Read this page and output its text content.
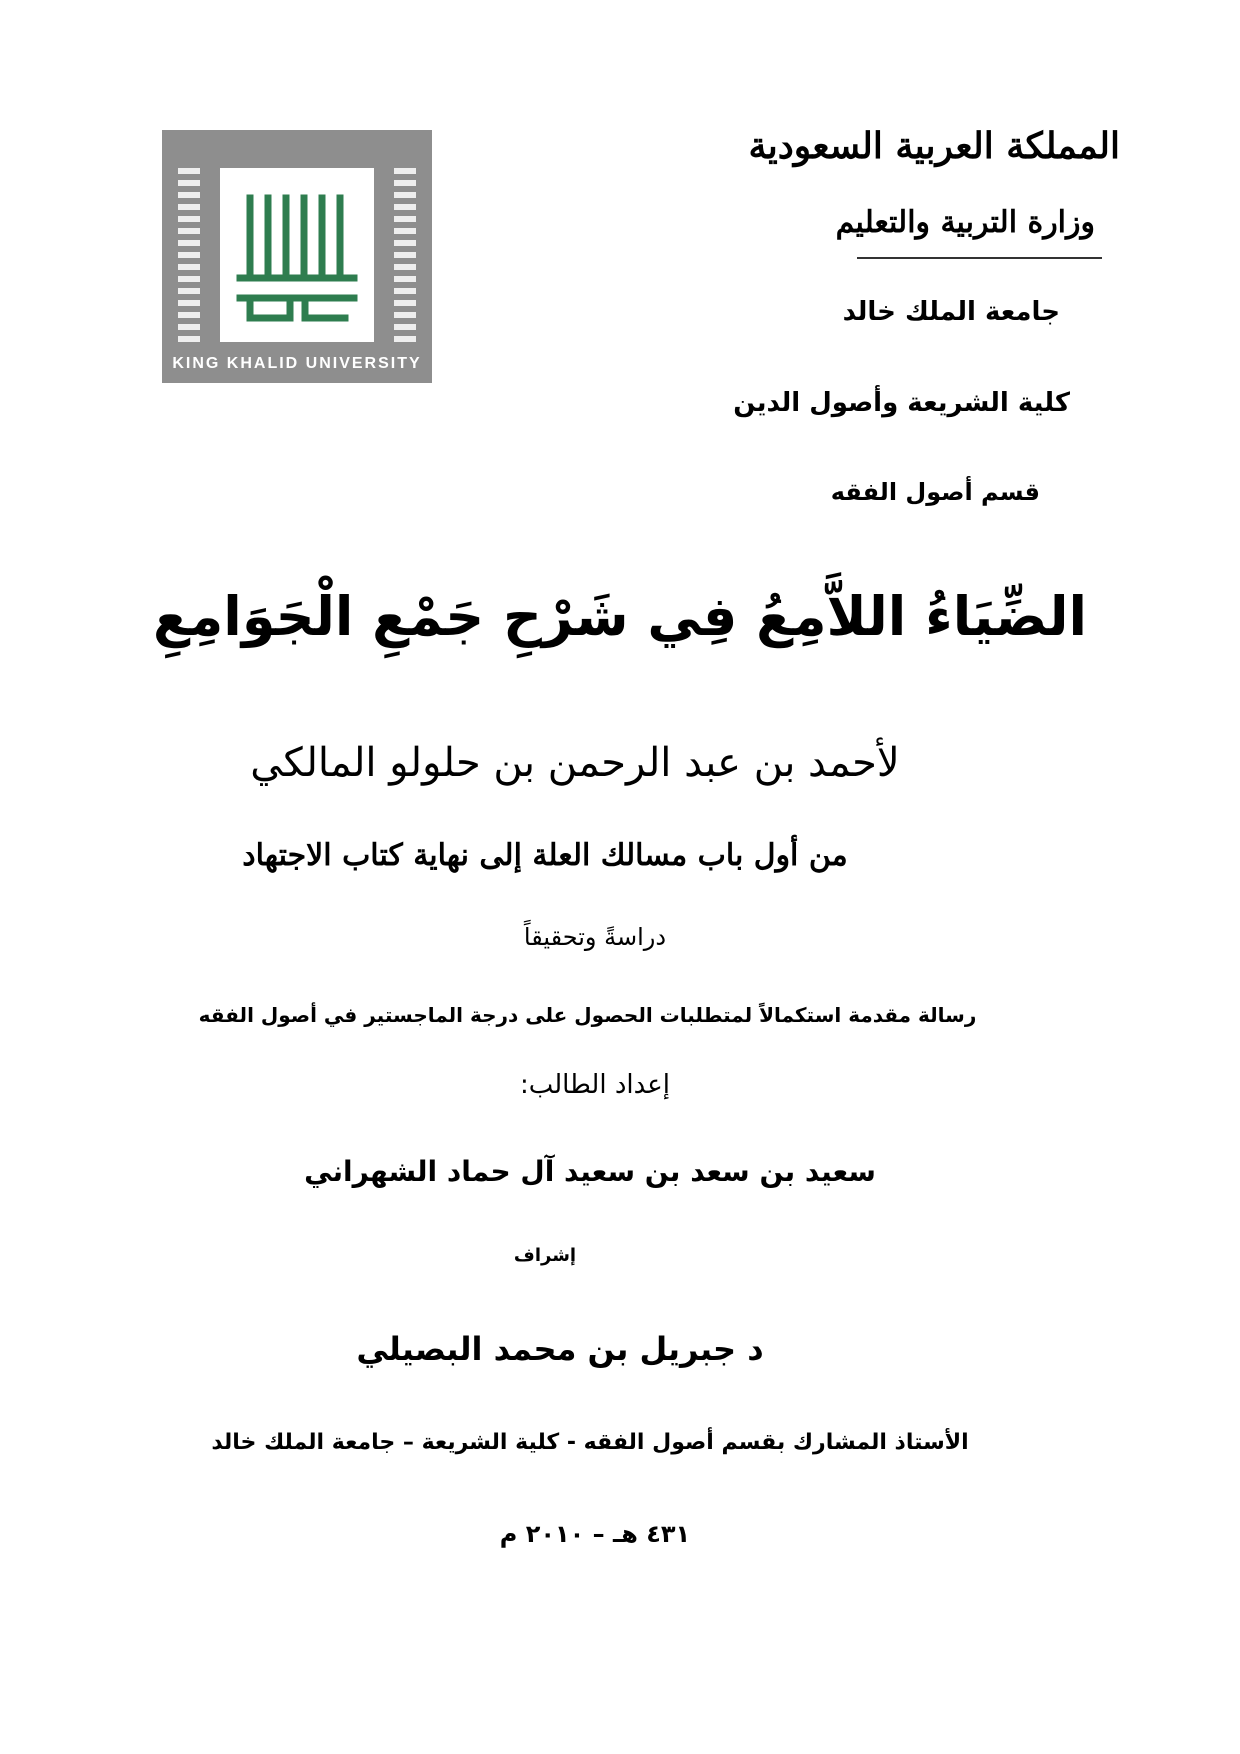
KING KHALID UNIVERSITY
المملكة العربية السعودية
وزارة التربية والتعليم
جامعة الملك خالد
كلية الشريعة وأصول الدين
قسم أصول الفقه
الضِّيَاءُ اللاَّمِعُ فِي شَرْحِ جَمْعِ الْجَوَامِعِ
لأحمد بن عبد الرحمن بن حلولو المالكي
من أول باب مسالك العلة إلى نهاية كتاب الاجتهاد
دراسةً وتحقيقاً
رسالة مقدمة استكمالاً لمتطلبات الحصول على درجة الماجستير في أصول الفقه
إعداد الطالب:
سعيد بن سعد بن سعيد آل حماد الشهراني
إشراف
د جبريل بن محمد البصيلي
الأستاذ المشارك بقسم أصول الفقه - كلية الشريعة – جامعة الملك خالد
٤٣١ هـ – ٢٠١٠ م
